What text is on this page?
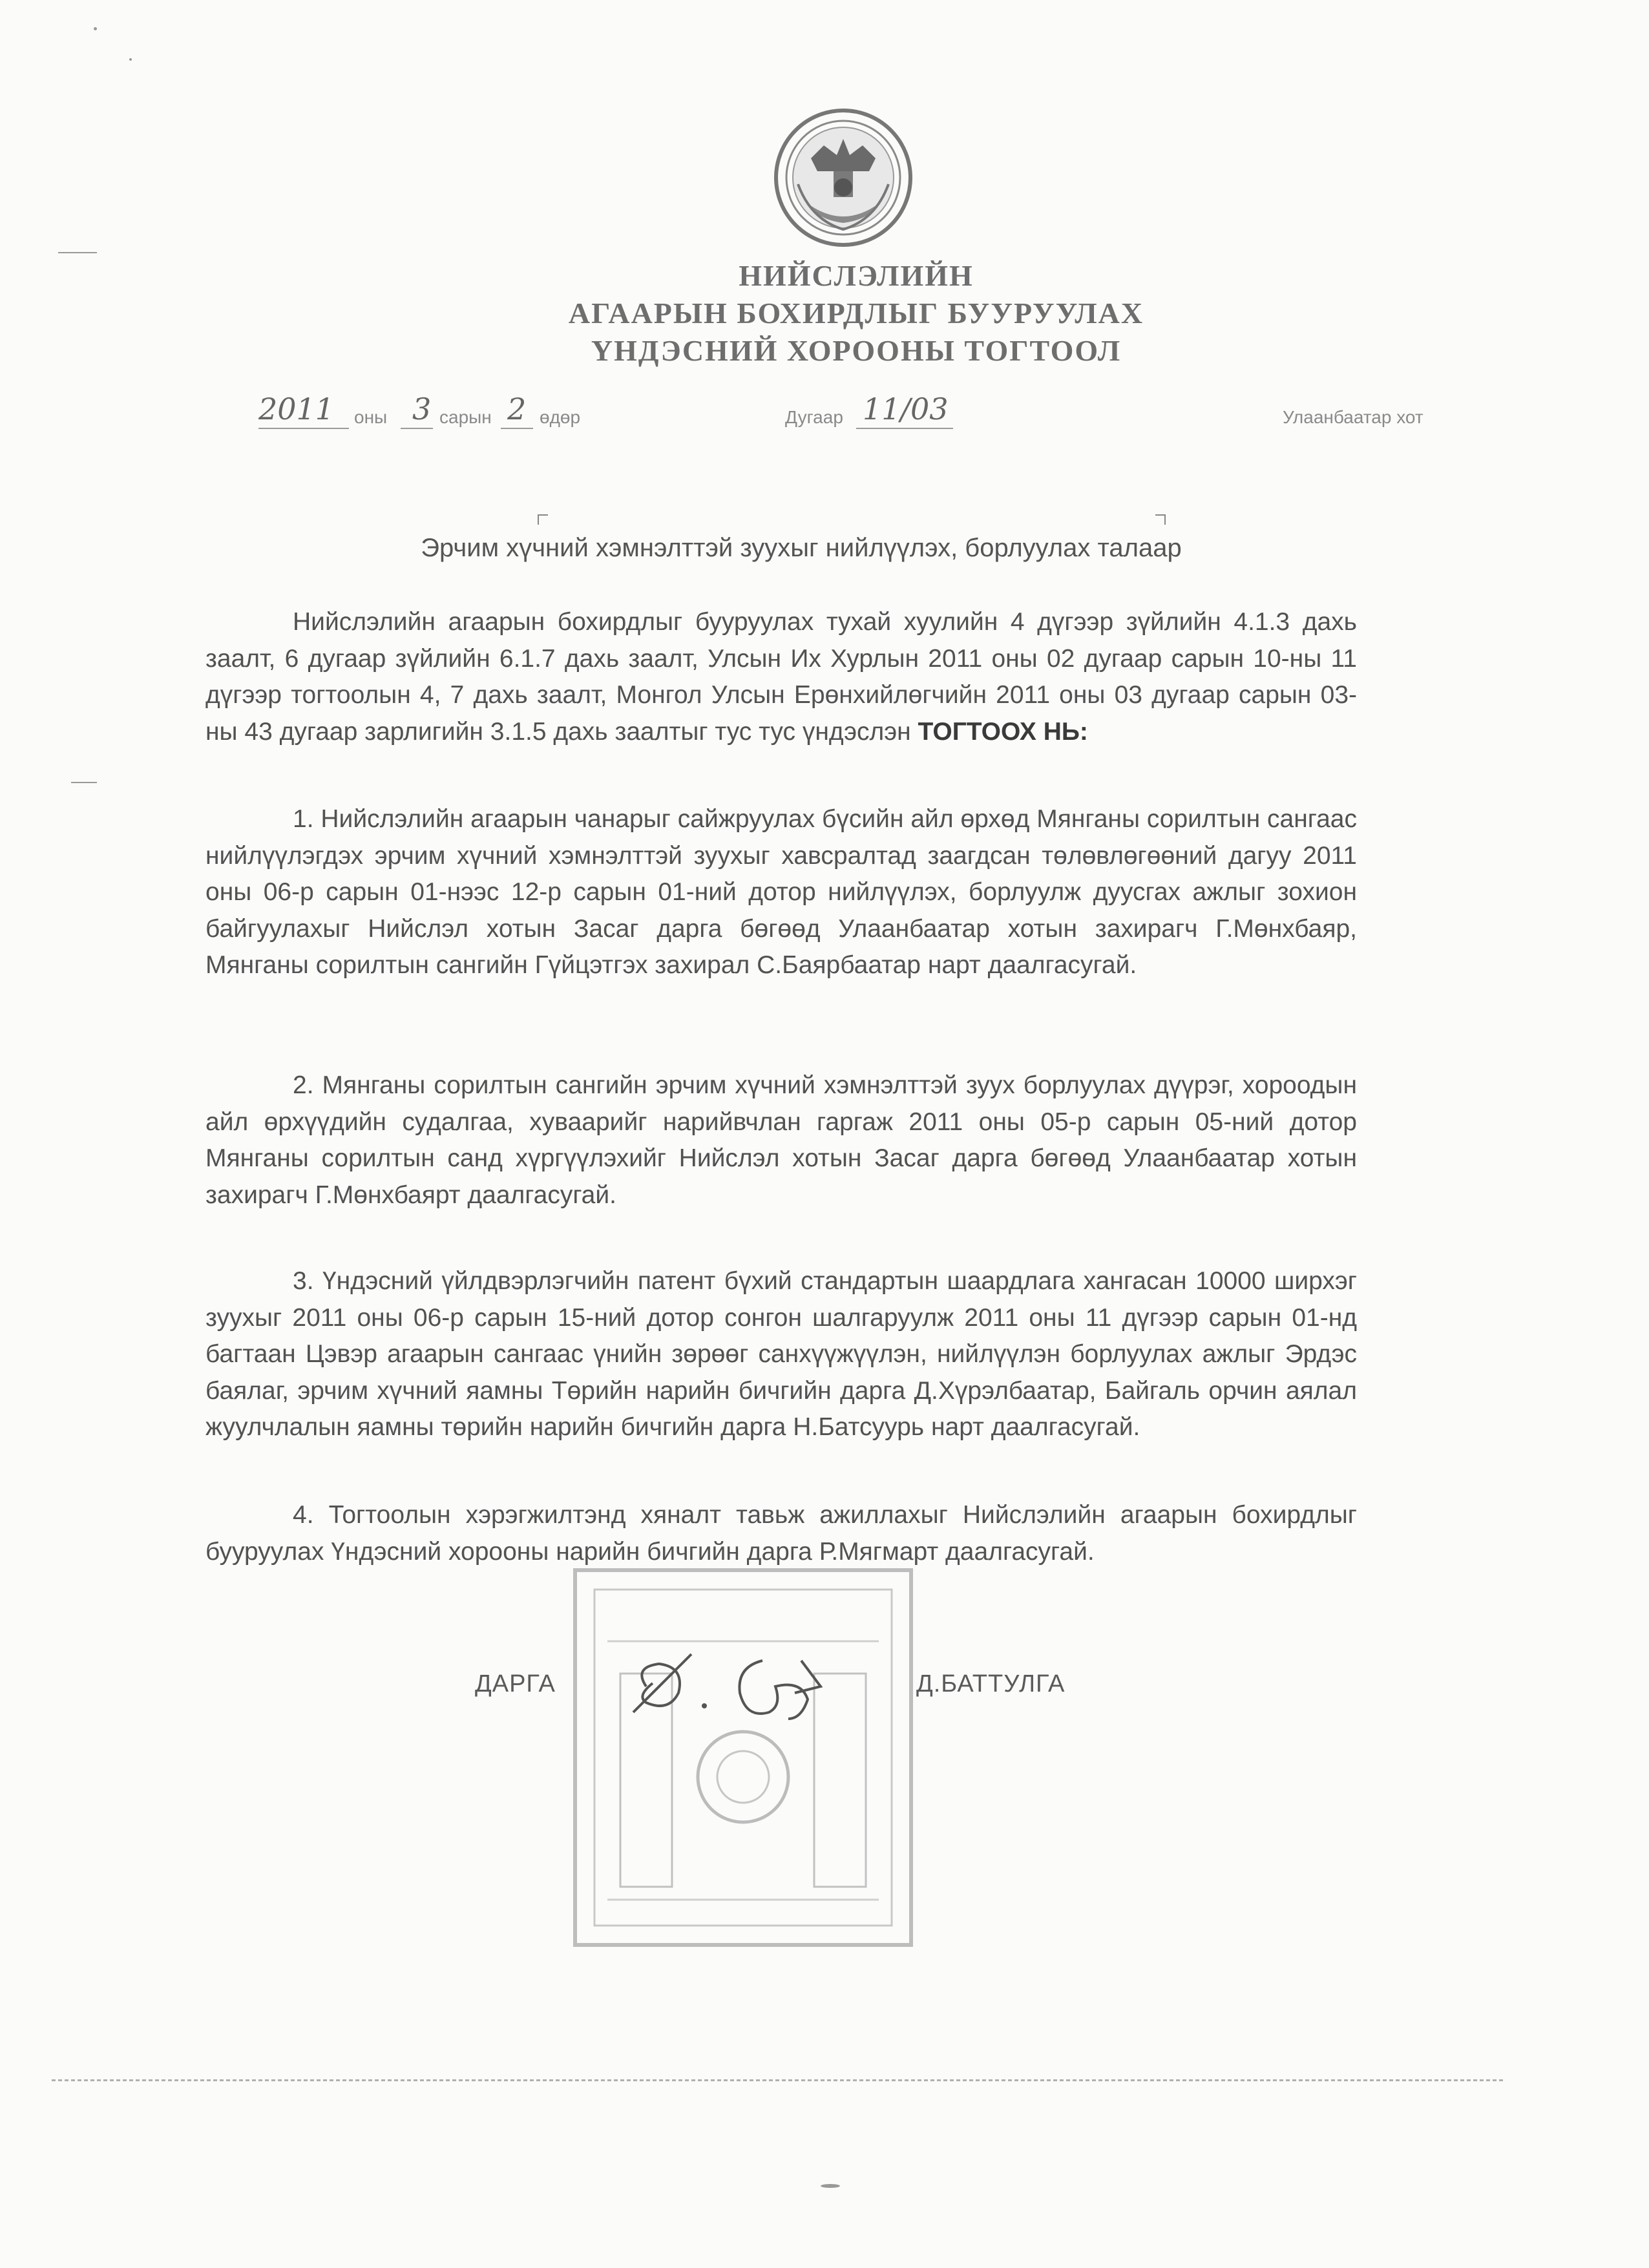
НИЙСЛЭЛИЙН
АГААРЫН БОХИРДЛЫГ БУУРУУЛАХ
ҮНДЭСНИЙ ХОРООНЫ ТОГТООЛ
2011 оны 3 сарын 2 өдөр	Дугаар 11/03	Улаанбаатар хот
Эрчим хүчний хэмнэлттэй зуухыг нийлүүлэх, борлуулах талаар

Нийслэлийн агаарын бохирдлыг бууруулах тухай хуулийн 4 дүгээр зүйлийн 4.1.3 дахь заалт, 6 дугаар зүйлийн 6.1.7 дахь заалт, Улсын Их Хурлын 2011 оны 02 дугаар сарын 10-ны 11 дүгээр тогтоолын 4, 7 дахь заалт, Монгол Улсын Ерөнхийлөгчийн 2011 оны 03 дугаар сарын 03-ны 43 дугаар зарлигийн 3.1.5 дахь заалтыг тус тус үндэслэн ТОГТООХ НЬ:

1. Нийслэлийн агаарын чанарыг сайжруулах бүсийн айл өрхөд Мянганы сорилтын сангаас нийлүүлэгдэх эрчим хүчний хэмнэлттэй зуухыг хавсралтад заагдсан төлөвлөгөөний дагуу 2011 оны 06-р сарын 01-нээс 12-р сарын 01-ний дотор нийлүүлэх, борлуулж дуусгах ажлыг зохион байгуулахыг Нийслэл хотын Засаг дарга бөгөөд Улаанбаатар хотын захирагч Г.Мөнхбаяр, Мянганы сорилтын сангийн Гүйцэтгэх захирал С.Баярбаатар нарт даалгасугай.

2. Мянганы сорилтын сангийн эрчим хүчний хэмнэлттэй зуух борлуулах дүүрэг, хороодын айл өрхүүдийн судалгаа, хуваарийг нарийвчлан гаргаж 2011 оны 05-р сарын 05-ний дотор Мянганы сорилтын санд хүргүүлэхийг Нийслэл хотын Засаг дарга бөгөөд Улаанбаатар хотын захирагч Г.Мөнхбаярт даалгасугай.

3. Үндэсний үйлдвэрлэгчийн патент бүхий стандартын шаардлага хангасан 10000 ширхэг зуухыг 2011 оны 06-р сарын 15-ний дотор сонгон шалгаруулж 2011 оны 11 дүгээр сарын 01-нд багтаан Цэвэр агаарын сангаас үнийн зөрөөг санхүүжүүлэн, нийлүүлэн борлуулах ажлыг Эрдэс баялаг, эрчим хүчний яамны Төрийн нарийн бичгийн дарга Д.Хүрэлбаатар, Байгаль орчин аялал жуулчлалын яамны төрийн нарийн бичгийн дарга Н.Батсуурь нарт даалгасугай.

4. Тогтоолын хэрэгжилтэнд хяналт тавьж ажиллахыг Нийслэлийн агаарын бохирдлыг бууруулах Үндэсний хорооны нарийн бичгийн дарга Р.Мягмарт даалгасугай.

ДАРГА	Д.БАТТУЛГА
